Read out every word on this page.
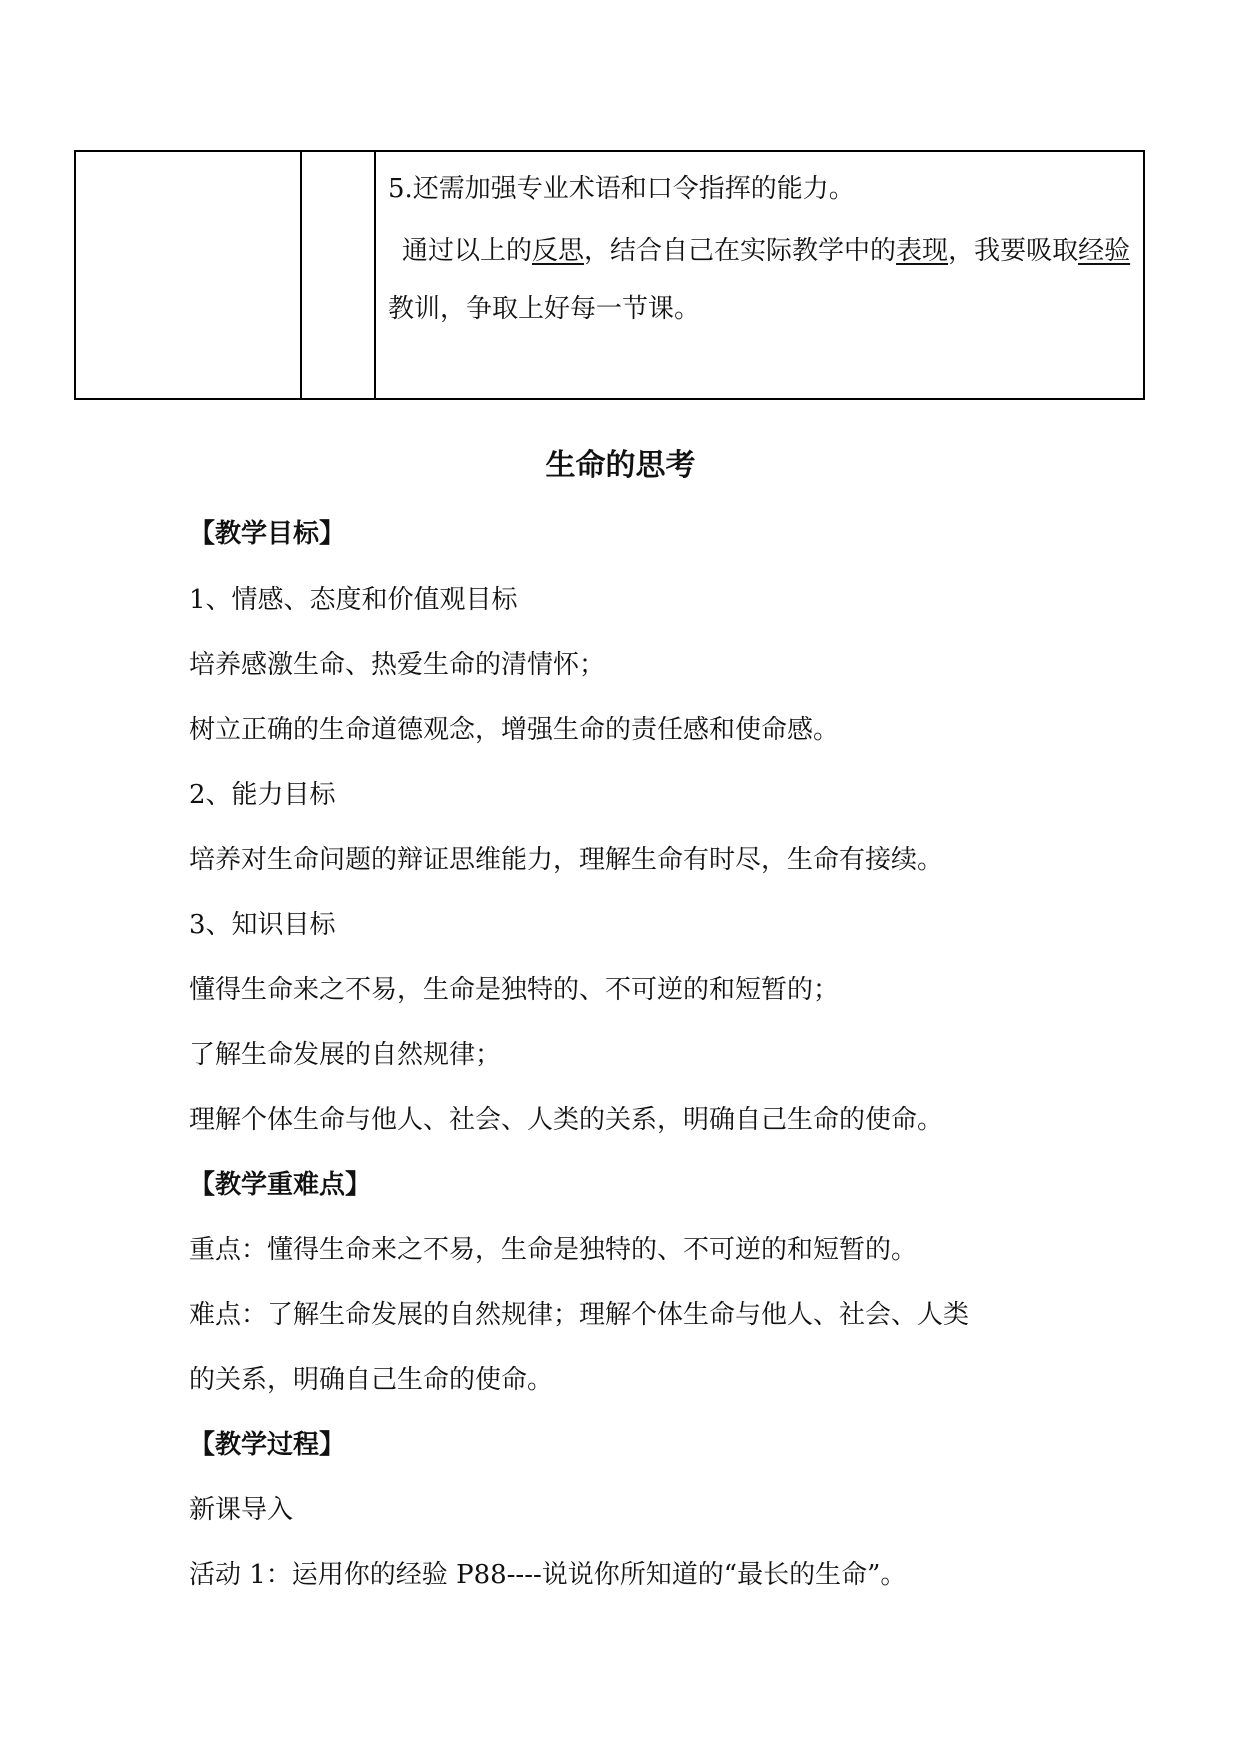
5.还需加强专业术语和口令指挥的能力。

通过以上的反思，结合自己在实际教学中的表现，我要吸取经验教训，争取上好每一节课。

生命的思考
【教学目标】
1、情感、态度和价值观目标
培养感激生命、热爱生命的清情怀；
树立正确的生命道德观念，增强生命的责任感和使命感。
2、能力目标
培养对生命问题的辩证思维能力，理解生命有时尽，生命有接续。
3、知识目标
懂得生命来之不易，生命是独特的、不可逆的和短暂的；
了解生命发展的自然规律；
理解个体生命与他人、社会、人类的关系，明确自己生命的使命。
【教学重难点】
重点：懂得生命来之不易，生命是独特的、不可逆的和短暂的。
难点：了解生命发展的自然规律；理解个体生命与他人、社会、人类
的关系，明确自己生命的使命。
【教学过程】
新课导入
活动 1：运用你的经验 P88----说说你所知道的“最长的生命”。
